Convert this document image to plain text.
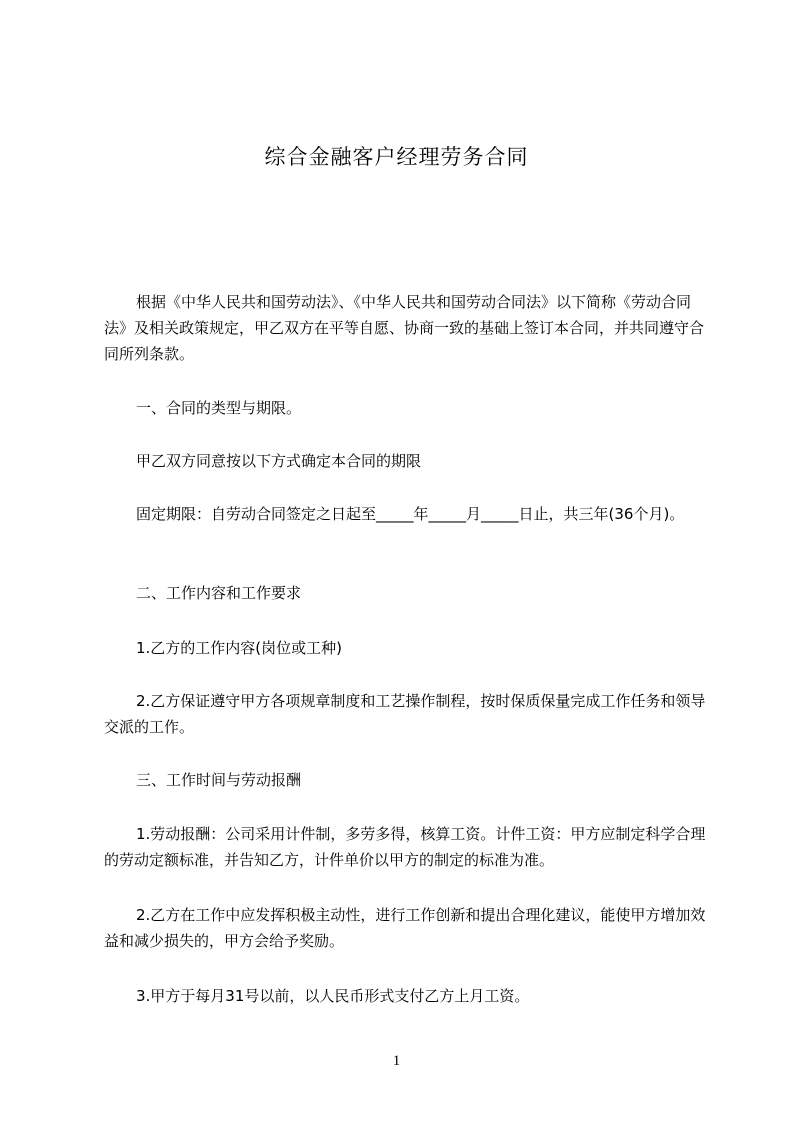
综合金融客户经理劳务合同
根据《中华人民共和国劳动法》、《中华人民共和国劳动合同法》以下简称《劳动合同法》及相关政策规定，甲乙双方在平等自愿、协商一致的基础上签订本合同，并共同遵守合同所列条款。
一、合同的类型与期限。
甲乙双方同意按以下方式确定本合同的期限
固定期限：自劳动合同签定之日起至_____年_____月_____日止，共三年(36个月)。
二、工作内容和工作要求
1.乙方的工作内容(岗位或工种)
2.乙方保证遵守甲方各项规章制度和工艺操作制程，按时保质保量完成工作任务和领导交派的工作。
三、工作时间与劳动报酬
1.劳动报酬：公司采用计件制，多劳多得，核算工资。计件工资：甲方应制定科学合理的劳动定额标准，并告知乙方，计件单价以甲方的制定的标准为准。
2.乙方在工作中应发挥积极主动性，进行工作创新和提出合理化建议，能使甲方增加效益和减少损失的，甲方会给予奖励。
3.甲方于每月31号以前，以人民币形式支付乙方上月工资。
1
